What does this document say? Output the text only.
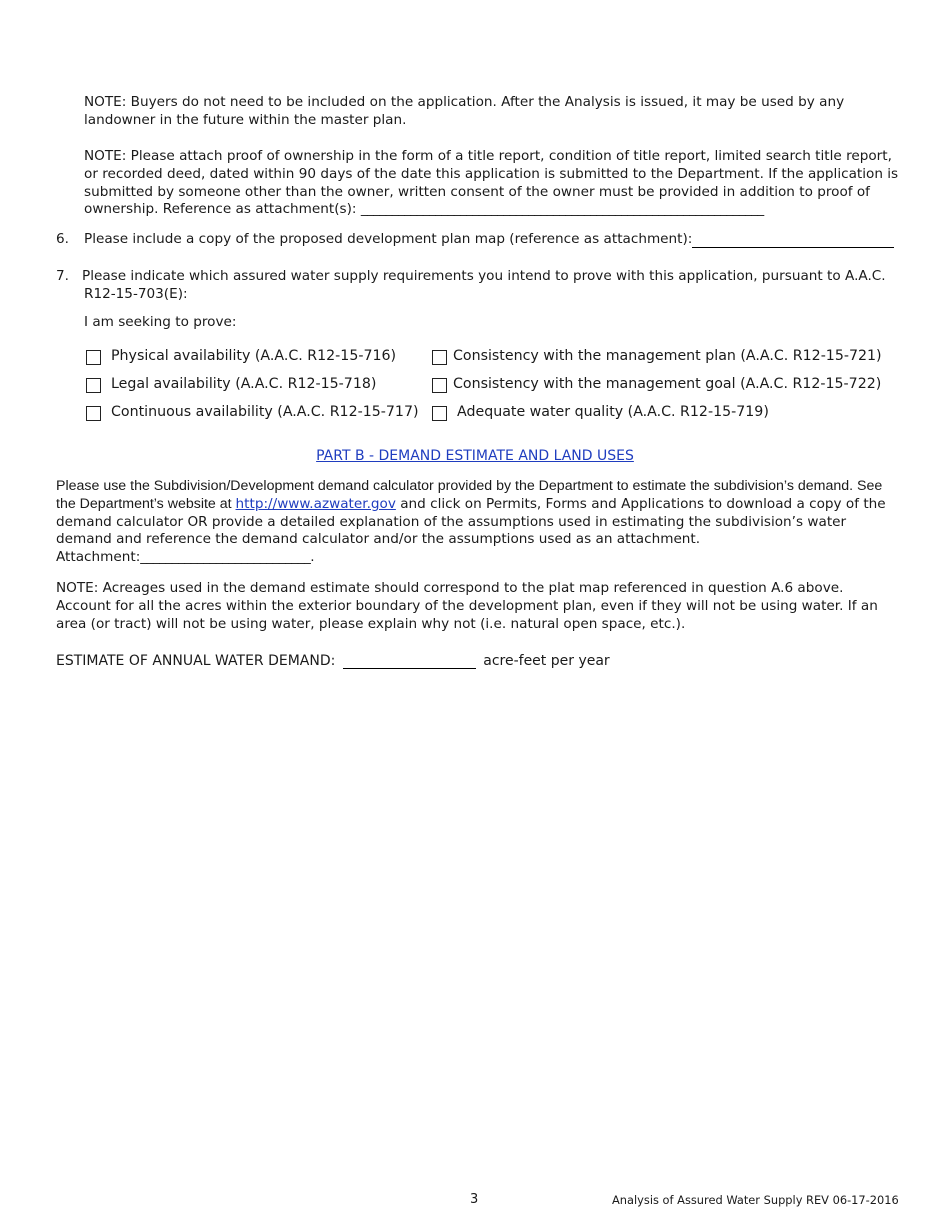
NOTE: Buyers do not need to be included on the application. After the Analysis is issued, it may be used by any landowner in the future within the master plan.
NOTE: Please attach proof of ownership in the form of a title report, condition of title report, limited search title report, or recorded deed, dated within 90 days of the date this application is submitted to the Department. If the application is submitted by someone other than the owner, written consent of the owner must be provided in addition to proof of ownership. Reference as attachment(s): _________________________________________________________________
6. Please include a copy of the proposed development plan map (reference as attachment):
7. Please indicate which assured water supply requirements you intend to prove with this application, pursuant to A.A.C.
R12-15-703(E):
I am seeking to prove:
Physical availability (A.A.C. R12-15-716)
Legal availability (A.A.C. R12-15-718)
Continuous availability (A.A.C. R12-15-717)
Consistency with the management plan (A.A.C. R12-15-721)
Consistency with the management goal (A.A.C. R12-15-722)
Adequate water quality (A.A.C. R12-15-719)
PART B - DEMAND ESTIMATE AND LAND USES
Please use the Subdivision/Development demand calculator provided by the Department to estimate the subdivision’s demand. See the Department’s website at http://www.azwater.gov and click on Permits, Forms and Applications to download a copy of the demand calculator OR provide a detailed explanation of the assumptions used in estimating the subdivision’s water demand and reference the demand calculator and/or the assumptions used as an attachment.
Attachment:___________________________.
NOTE: Acreages used in the demand estimate should correspond to the plat map referenced in question A.6 above. Account for all the acres within the exterior boundary of the development plan, even if they will not be using water. If an area (or tract) will not be using water, please explain why not (i.e. natural open space, etc.).
ESTIMATE OF ANNUAL WATER DEMAND:	acre-feet per year
3	Analysis of Assured Water Supply REV 06-17-2016
